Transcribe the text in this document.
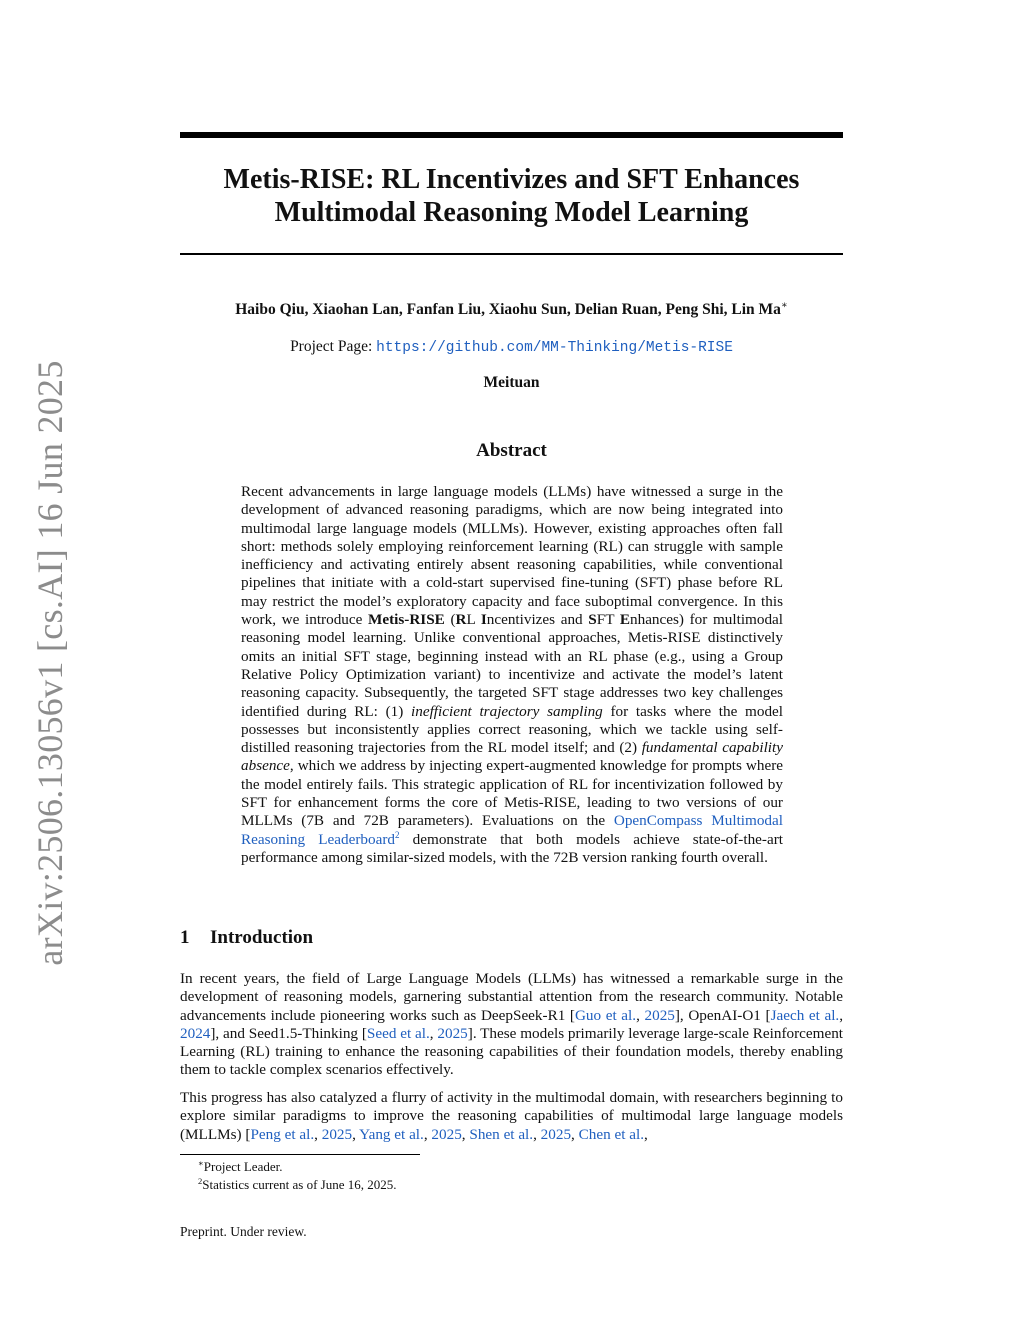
arXiv:2506.13056v1 [cs.AI] 16 Jun 2025
Metis-RISE: RL Incentivizes and SFT Enhances
Multimodal Reasoning Model Learning
Haibo Qiu, Xiaohan Lan, Fanfan Liu, Xiaohu Sun, Delian Ruan, Peng Shi, Lin Ma∗
Project Page: https://github.com/MM-Thinking/Metis-RISE
Meituan
Abstract

Recent advancements in large language models (LLMs) have witnessed a surge in the development of advanced reasoning paradigms, which are now being integrated into multimodal large language models (MLLMs). However, existing approaches often fall short: methods solely employing reinforcement learning (RL) can struggle with sample inefficiency and activating entirely absent reasoning capabilities, while conventional pipelines that initiate with a cold-start supervised fine-tuning (SFT) phase before RL may restrict the model’s exploratory capacity and face suboptimal convergence. In this work, we introduce Metis-RISE (RL Incentivizes and SFT Enhances) for multimodal reasoning model learning. Unlike conventional approaches, Metis-RISE distinctively omits an initial SFT stage, beginning instead with an RL phase (e.g., using a Group Relative Policy Optimization variant) to incentivize and activate the model’s latent reasoning capacity. Subsequently, the targeted SFT stage addresses two key challenges identified during RL: (1) inefficient trajectory sampling for tasks where the model possesses but inconsistently applies correct reasoning, which we tackle using self-distilled reasoning trajectories from the RL model itself; and (2) fundamental capability absence, which we address by injecting expert-augmented knowledge for prompts where the model entirely fails. This strategic application of RL for incentivization followed by SFT for enhancement forms the core of Metis-RISE, leading to two versions of our MLLMs (7B and 72B parameters). Evaluations on the OpenCompass Multimodal Reasoning Leaderboard$^2$ demonstrate that both models achieve state-of-the-art performance among similar-sized models, with the 72B version ranking fourth overall.

1 Introduction

In recent years, the field of Large Language Models (LLMs) has witnessed a remarkable surge in the development of reasoning models, garnering substantial attention from the research community. Notable advancements include pioneering works such as DeepSeek-R1 [Guo et al., 2025], OpenAI-O1 [Jaech et al., 2024], and Seed1.5-Thinking [Seed et al., 2025]. These models primarily leverage large-scale Reinforcement Learning (RL) training to enhance the reasoning capabilities of their foundation models, thereby enabling them to tackle complex scenarios effectively.

This progress has also catalyzed a flurry of activity in the multimodal domain, with researchers beginning to explore similar paradigms to improve the reasoning capabilities of multimodal large language models (MLLMs) [Peng et al., 2025, Yang et al., 2025, Shen et al., 2025, Chen et al.,

∗Project Leader.
$^2$Statistics current as of June 16, 2025.
Preprint. Under review.
